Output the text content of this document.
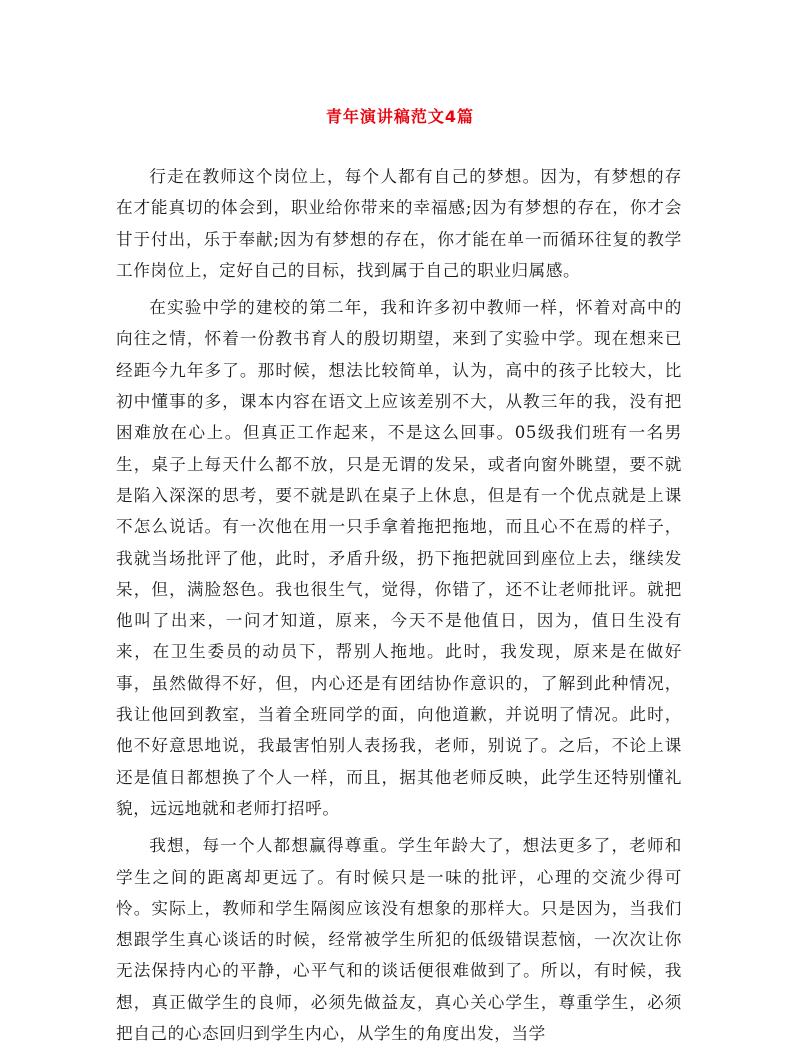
青年演讲稿范文4篇

行走在教师这个岗位上，每个人都有自己的梦想。因为，有梦想的存在才能真切的体会到，职业给你带来的幸福感;因为有梦想的存在，你才会甘于付出，乐于奉献;因为有梦想的存在，你才能在单一而循环往复的教学工作岗位上，定好自己的目标，找到属于自己的职业归属感。

在实验中学的建校的第二年，我和许多初中教师一样，怀着对高中的向往之情，怀着一份教书育人的殷切期望，来到了实验中学。现在想来已经距今九年多了。那时候，想法比较简单，认为，高中的孩子比较大，比初中懂事的多，课本内容在语文上应该差别不大，从教三年的我，没有把困难放在心上。但真正工作起来，不是这么回事。05级我们班有一名男生，桌子上每天什么都不放，只是无谓的发呆，或者向窗外眺望，要不就是陷入深深的思考，要不就是趴在桌子上休息，但是有一个优点就是上课不怎么说话。有一次他在用一只手拿着拖把拖地，而且心不在焉的样子，我就当场批评了他，此时，矛盾升级，扔下拖把就回到座位上去，继续发呆，但，满脸怒色。我也很生气，觉得，你错了，还不让老师批评。就把他叫了出来，一问才知道，原来，今天不是他值日，因为，值日生没有来，在卫生委员的动员下，帮别人拖地。此时，我发现，原来是在做好事，虽然做得不好，但，内心还是有团结协作意识的，了解到此种情况，我让他回到教室，当着全班同学的面，向他道歉，并说明了情况。此时，他不好意思地说，我最害怕别人表扬我，老师，别说了。之后，不论上课还是值日都想换了个人一样，而且，据其他老师反映，此学生还特别懂礼貌，远远地就和老师打招呼。

我想，每一个人都想赢得尊重。学生年龄大了，想法更多了，老师和学生之间的距离却更远了。有时候只是一味的批评，心理的交流少得可怜。实际上，教师和学生隔阂应该没有想象的那样大。只是因为，当我们想跟学生真心谈话的时候，经常被学生所犯的低级错误惹恼，一次次让你无法保持内心的平静，心平气和的谈话便很难做到了。所以，有时候，我想，真正做学生的良师，必须先做益友，真心关心学生，尊重学生，必须把自己的心态回归到学生内心，从学生的角度出发，当学
